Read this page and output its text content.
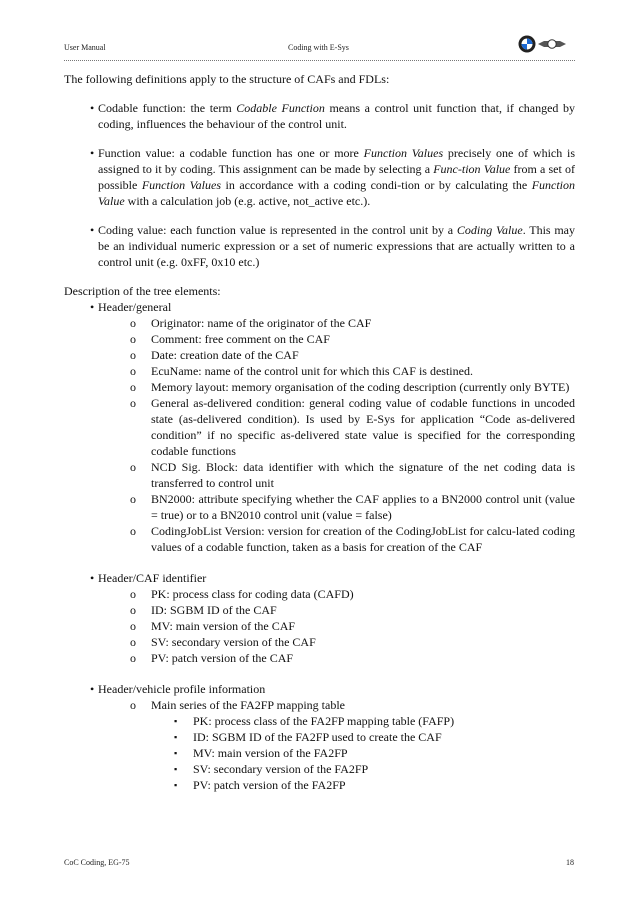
User Manual	Coding with E-Sys

The following definitions apply to the structure of CAFs and FDLs:

• Codable function: the term Codable Function means a control unit function that, if changed by coding, influences the behaviour of the control unit.
• Function value: a codable function has one or more Function Values precisely one of which is assigned to it by coding. This assignment can be made by selecting a Func-tion Value from a set of possible Function Values in accordance with a coding condi-tion or by calculating the Function Value with a calculation job (e.g. active, not_active etc.).
• Coding value: each function value is represented in the control unit by a Coding Value. This may be an individual numeric expression or a set of numeric expressions that are actually written to a control unit (e.g. 0xFF, 0x10 etc.)

Description of the tree elements:

• Header/general
o	Originator: name of the originator of the CAF
o	Comment: free comment on the CAF
o	Date: creation date of the CAF
o	EcuName: name of the control unit for which this CAF is destined.
o	Memory layout: memory organisation of the coding description (currently only BYTE)
o	General as-delivered condition: general coding value of codable functions in uncoded state (as-delivered condition). Is used by E-Sys for application “Code as-delivered condition” if no specific as-delivered state value is specified for the corresponding codable functions
o	NCD Sig. Block: data identifier with which the signature of the net coding data is transferred to control unit
o	BN2000: attribute specifying whether the CAF applies to a BN2000 control unit (value = true) or to a BN2010 control unit (value = false)
o	CodingJobList Version: version for creation of the CodingJobList for calcu-lated coding values of a codable function, taken as a basis for creation of the CAF
• Header/CAF identifier
o	PK: process class for coding data (CAFD)
o	ID: SGBM ID of the CAF
o	MV: main version of the CAF
o	SV: secondary version of the CAF
o	PV: patch version of the CAF
• Header/vehicle profile information
o	Main series of the FA2FP mapping table
▪	PK: process class of the FA2FP mapping table (FAFP)
▪	ID: SGBM ID of the FA2FP used to create the CAF
▪	MV: main version of the FA2FP
▪	SV: secondary version of the FA2FP
▪	PV: patch version of the FA2FP
CoC Coding, EG-75	18
